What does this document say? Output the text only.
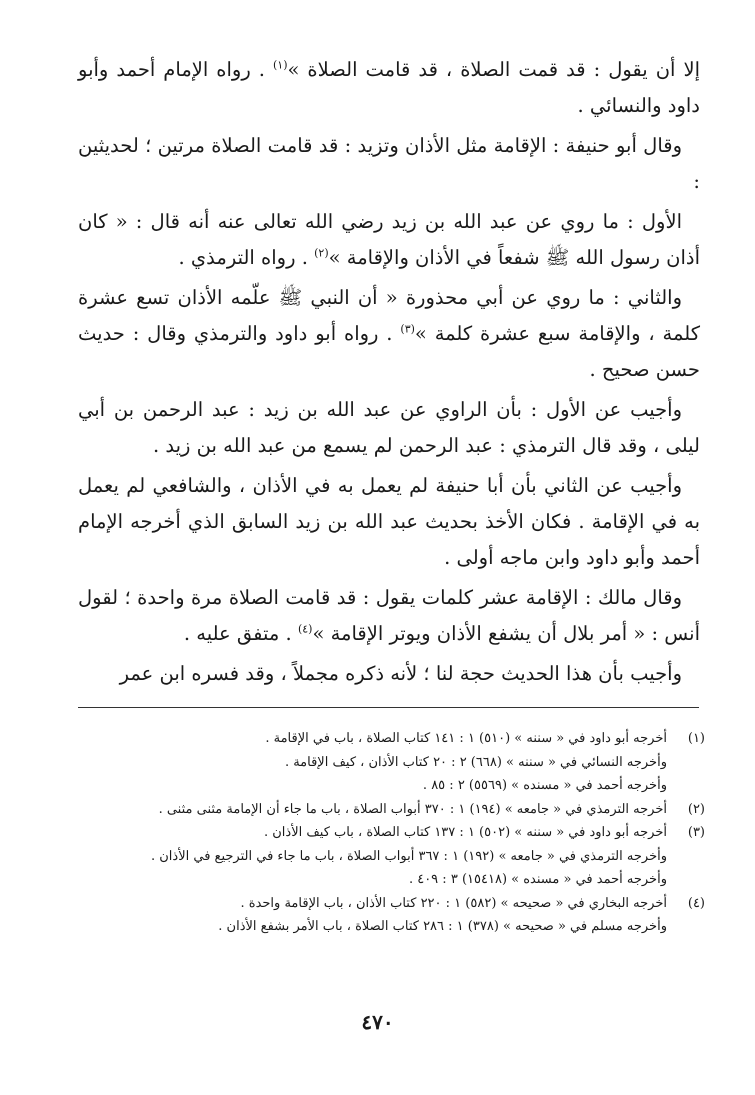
إلا أن يقول : قد قمت الصلاة ، قد قامت الصلاة »$^{(١)}$ . رواه الإمام أحمد وأبو داود والنسائي .

وقال أبو حنيفة : الإقامة مثل الأذان وتزيد : قد قامت الصلاة مرتين ؛ لحديثين :

الأول : ما روي عن عبد الله بن زيد رضي الله تعالى عنه أنه قال : « كان أذان رسول الله ﷺ شفعاً في الأذان والإقامة »$^{(٢)}$ . رواه الترمذي .

والثاني : ما روي عن أبي محذورة « أن النبي ﷺ علّمه الأذان تسع عشرة كلمة ، والإقامة سبع عشرة كلمة »$^{(٣)}$ . رواه أبو داود والترمذي وقال : حديث حسن صحيح .

وأجيب عن الأول : بأن الراوي عن عبد الله بن زيد : عبد الرحمن بن أبي ليلى ، وقد قال الترمذي : عبد الرحمن لم يسمع من عبد الله بن زيد .

وأجيب عن الثاني بأن أبا حنيفة لم يعمل به في الأذان ، والشافعي لم يعمل به في الإقامة . فكان الأخذ بحديث عبد الله بن زيد السابق الذي أخرجه الإمام أحمد وأبو داود وابن ماجه أولى .

وقال مالك : الإقامة عشر كلمات يقول : قد قامت الصلاة مرة واحدة ؛ لقول أنس : « أمر بلال أن يشفع الأذان ويوتر الإقامة »$^{(٤)}$ . متفق عليه .

وأجيب بأن هذا الحديث حجة لنا ؛ لأنه ذكره مجملاً ، وقد فسره ابن عمر

(١)
أخرجه أبو داود في « سننه » (٥١٠) ١ : ١٤١ كتاب الصلاة ، باب في الإقامة .
وأخرجه النسائي في « سننه » (٦٦٨) ٢ : ٢٠ كتاب الأذان ، كيف الإقامة .
وأخرجه أحمد في « مسنده » (٥٥٦٩) ٢ : ٨٥ .
(٢)
أخرجه الترمذي في « جامعه » (١٩٤) ١ : ٣٧٠ أبواب الصلاة ، باب ما جاء أن الإمامة مثنى مثنى .
(٣)
أخرجه أبو داود في « سننه » (٥٠٢) ١ : ١٣٧ كتاب الصلاة ، باب كيف الأذان .
وأخرجه الترمذي في « جامعه » (١٩٢) ١ : ٣٦٧ أبواب الصلاة ، باب ما جاء في الترجيع في الأذان .
وأخرجه أحمد في « مسنده » (١٥٤١٨) ٣ : ٤٠٩ .
(٤)
أخرجه البخاري في « صحيحه » (٥٨٢) ١ : ٢٢٠ كتاب الأذان ، باب الإقامة واحدة .
وأخرجه مسلم في « صحيحه » (٣٧٨) ١ : ٢٨٦ كتاب الصلاة ، باب الأمر بشفع الأذان .
٤٧٠
